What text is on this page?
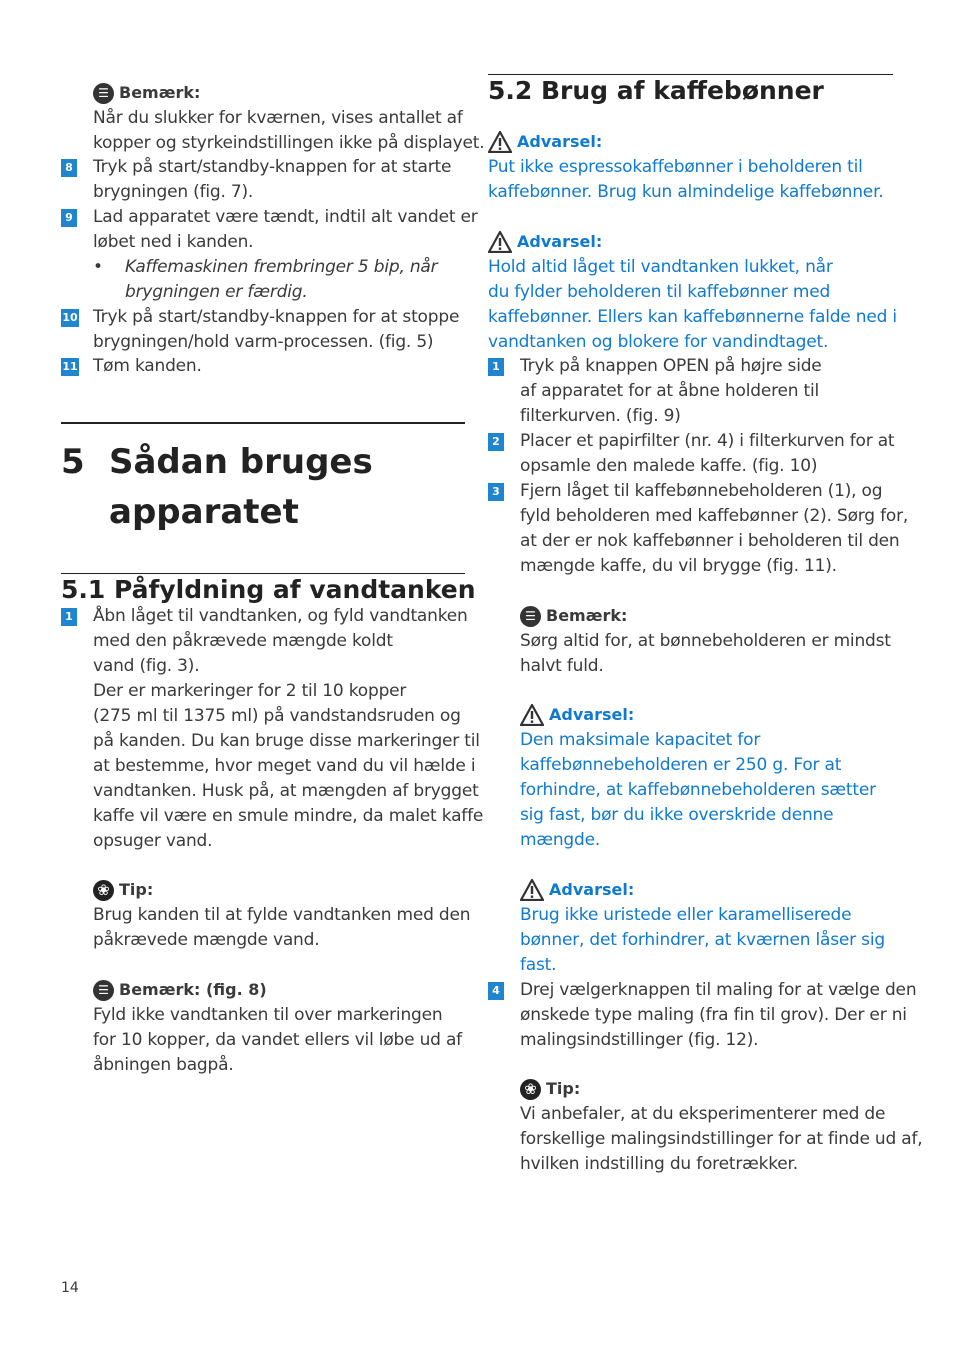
☰ Bemærk:
Når du slukker for kværnen, vises antallet af
kopper og styrkeindstillingen ikke på displayet.
8 Tryk på start/standby-knappen for at starte
brygningen (fig. 7).
9 Lad apparatet være tændt, indtil alt vandet er
løbet ned i kanden.
• Kaffemaskinen frembringer 5 bip, når
brygningen er færdig.
10 Tryk på start/standby-knappen for at stoppe
brygningen/hold varm-processen. (fig. 5)
11 Tøm kanden.
5 Sådan bruges
apparatet
5.1 Påfyldning af vandtanken
1 Åbn låget til vandtanken, og fyld vandtanken
med den påkrævede mængde koldt
vand (fig. 3).
Der er markeringer for 2 til 10 kopper
(275 ml til 1375 ml) på vandstandsruden og
på kanden. Du kan bruge disse markeringer til
at bestemme, hvor meget vand du vil hælde i
vandtanken. Husk på, at mængden af brygget
kaffe vil være en smule mindre, da malet kaffe
opsuger vand.
❀ Tip:
Brug kanden til at fylde vandtanken med den
påkrævede mængde vand.
☰ Bemærk: (fig. 8)
Fyld ikke vandtanken til over markeringen
for 10 kopper, da vandet ellers vil løbe ud af
åbningen bagpå.
5.2 Brug af kaffebønner
Advarsel:
Put ikke espressokaffebønner i beholderen til
kaffebønner. Brug kun almindelige kaffebønner.
Advarsel:
Hold altid låget til vandtanken lukket, når
du fylder beholderen til kaffebønner med
kaffebønner. Ellers kan kaffebønnerne falde ned i
vandtanken og blokere for vandindtaget.
1 Tryk på knappen OPEN på højre side
af apparatet for at åbne holderen til
filterkurven. (fig. 9)
2 Placer et papirfilter (nr. 4) i filterkurven for at
opsamle den malede kaffe. (fig. 10)
3 Fjern låget til kaffebønnebeholderen (1), og
fyld beholderen med kaffebønner (2). Sørg for,
at der er nok kaffebønner i beholderen til den
mængde kaffe, du vil brygge (fig. 11).
☰ Bemærk:
Sørg altid for, at bønnebeholderen er mindst
halvt fuld.
Advarsel:
Den maksimale kapacitet for
kaffebønnebeholderen er 250 g. For at
forhindre, at kaffebønnebeholderen sætter
sig fast, bør du ikke overskride denne
mængde.
Advarsel:
Brug ikke uristede eller karamelliserede
bønner, det forhindrer, at kværnen låser sig
fast.
4 Drej vælgerknappen til maling for at vælge den
ønskede type maling (fra fin til grov). Der er ni
malingsindstillinger (fig. 12).
❀ Tip:
Vi anbefaler, at du eksperimenterer med de
forskellige malingsindstillinger for at finde ud af,
hvilken indstilling du foretrækker.
14
